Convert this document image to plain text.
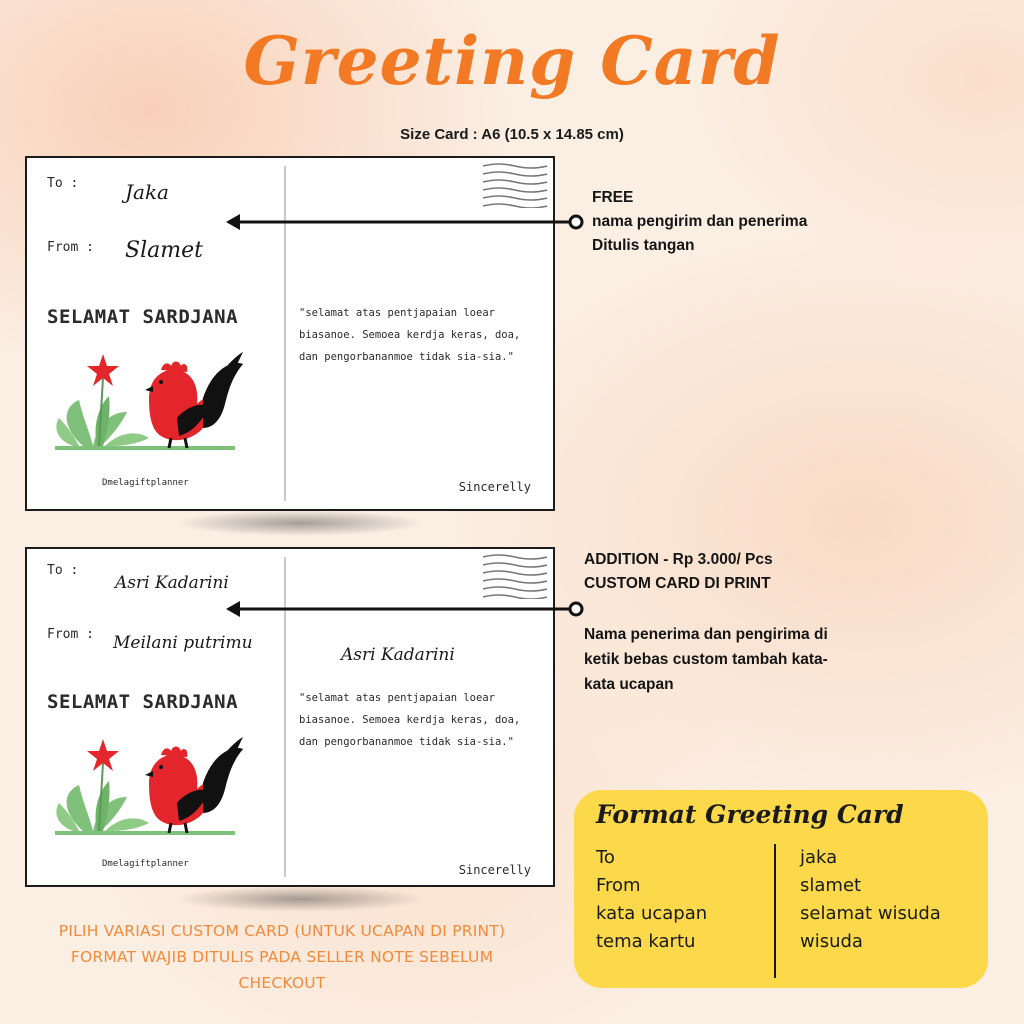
Greeting Card
Size Card : A6 (10.5 x 14.85 cm)
To : Jaka
From : Slamet
SELAMAT SARDJANA
Dmelagiftplanner
"selamat atas pentjapaian loear biasanoe. Semoea kerdja keras, doa, dan pengorbananmoe tidak sia-sia."
Sincerelly
FREE
nama pengirim dan penerima
Ditulis tangan
To :
Asri Kadarini
From : Meilani putrimu
SELAMAT SARDJANA
Dmelagiftplanner
Asri Kadarini
"selamat atas pentjapaian loear biasanoe. Semoea kerdja keras, doa, dan pengorbananmoe tidak sia-sia."
Sincerelly
ADDITION - Rp 3.000/ Pcs
CUSTOM CARD DI PRINT
Nama penerima dan pengirima di
ketik bebas custom tambah kata-
kata ucapan
PILIH VARIASI CUSTOM CARD (UNTUK UCAPAN DI PRINT)
FORMAT WAJIB DITULIS PADA SELLER NOTE SEBELUM
CHECKOUT
Format Greeting Card
To
From
kata ucapan
tema kartu
jaka
slamet
selamat wisuda
wisuda
